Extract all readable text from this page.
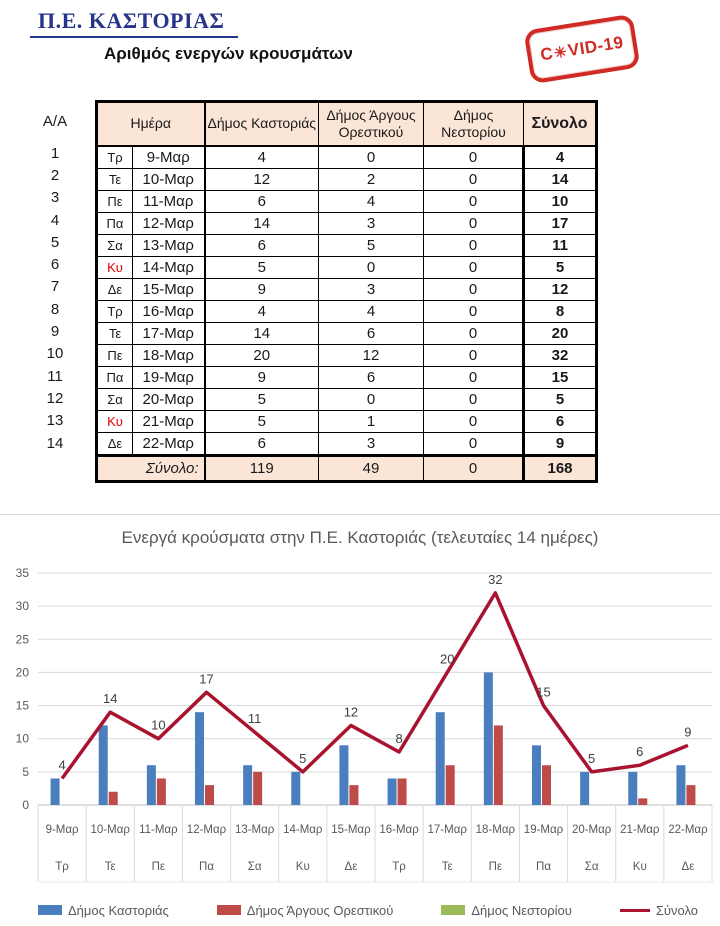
Π.Ε. ΚΑΣΤΟΡΙΑΣ
Αριθμός ενεργών κρουσμάτων	C
✳
VID-19
Α/Α
1
2
3
4
5
6
7
8
9
10
11
12
13
14
Ημέρα		Δήμος Καστοριάς	Δήμος Άργους Ορεστικού	Δήμος Νεστορίου	Σύνολο
Τρ	9-Μαρ	4	0	0	4
Τε	10-Μαρ	12	2	0	14
Πε	11-Μαρ	6	4	0	10
Πα	12-Μαρ	14	3	0	17
Σα	13-Μαρ	6	5	0	11
Κυ	14-Μαρ	5	0	0	5
Δε	15-Μαρ	9	3	0	12
Τρ	16-Μαρ	4	4	0	8
Τε	17-Μαρ	14	6	0	20
Πε	18-Μαρ	20	12	0	32
Πα	19-Μαρ	9	6	0	15
Σα	20-Μαρ	5	0	0	5
Κυ	21-Μαρ	5	1	0	6
Δε	22-Μαρ	6	3	0	9
Σύνολο:		119	49	0	168
Ενεργά κρούσματα στην Π.Ε. Καστοριάς (τελευταίες 14 ημέρες)
0
5
10
15
20
25
30
35
4
14
10
17
11
5
12
8
20
32
15
5	6
9
9-Μαρ
Τρ
10-Μαρ
Τε
11-Μαρ
Πε
12-Μαρ
Πα
13-Μαρ
Σα
14-Μαρ
Κυ
15-Μαρ
Δε
16-Μαρ
Τρ
17-Μαρ
Τε
18-Μαρ
Πε
19-Μαρ
Πα
20-Μαρ
Σα
21-Μαρ
Κυ
22-Μαρ
Δε
Δήμος Καστοριάς	Δήμος Άργους Ορεστικού	Δήμος Νεστορίου	Σύνολο
